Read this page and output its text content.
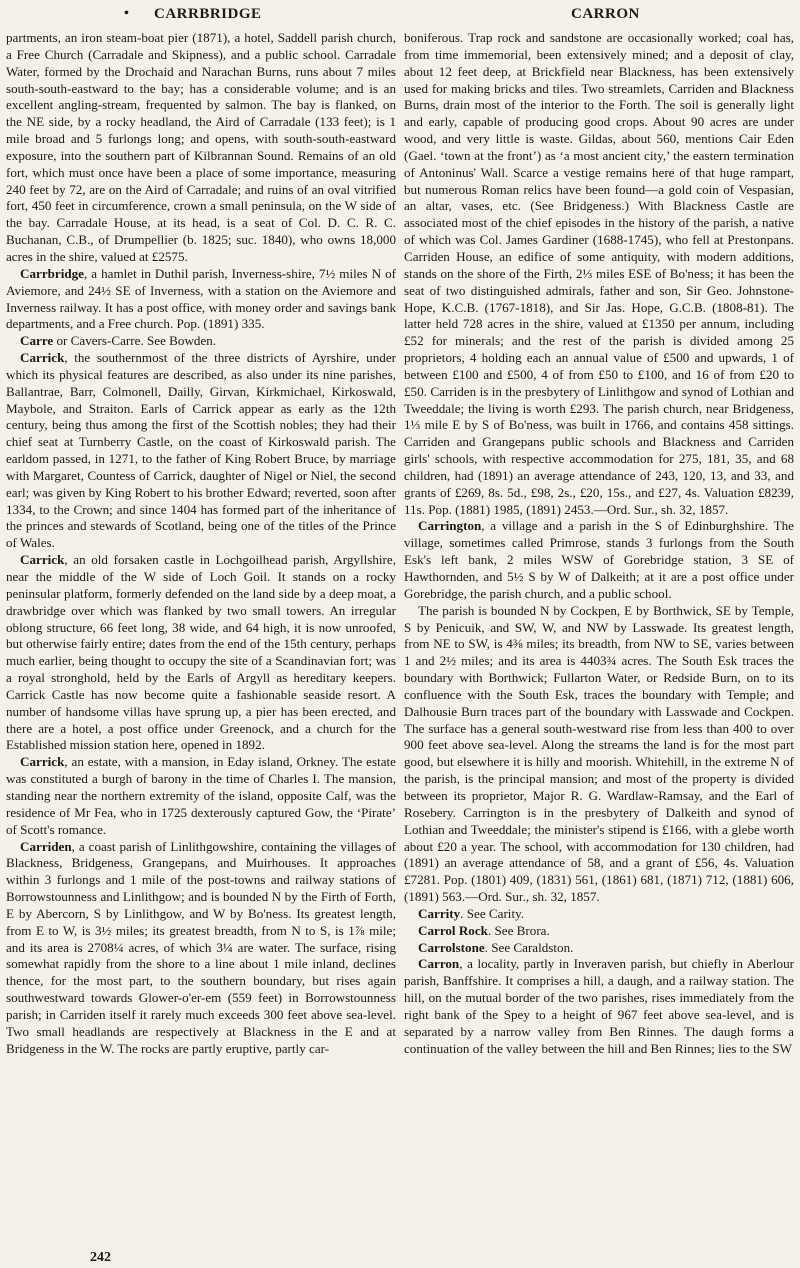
• CARRBRIDGE	CARRON

partments, an iron steam-boat pier (1871), a hotel, Saddell parish church, a Free Church (Carradale and Skipness), and a public school. Carradale Water, formed by the Drochaid and Narachan Burns, runs about 7 miles south-south-eastward to the bay; has a considerable volume; and is an excellent angling-stream, frequented by salmon. The bay is flanked, on the NE side, by a rocky headland, the Aird of Carradale (133 feet); is 1 mile broad and 5 furlongs long; and opens, with south-south-eastward exposure, into the southern part of Kilbrannan Sound. Remains of an old fort, which must once have been a place of some importance, measuring 240 feet by 72, are on the Aird of Carradale; and ruins of an oval vitrified fort, 450 feet in circumference, crown a small peninsula, on the W side of the bay. Carradale House, at its head, is a seat of Col. D. C. R. C. Buchanan, C.B., of Drumpellier (b. 1825; suc. 1840), who owns 18,000 acres in the shire, valued at £2575.

Carrbridge, a hamlet in Duthil parish, Inverness-shire, 7½ miles N of Aviemore, and 24½ SE of Inverness, with a station on the Aviemore and Inverness railway. It has a post office, with money order and savings bank departments, and a Free church. Pop. (1891) 335.

Carre or Cavers-Carre. See Bowden.

Carrick, the southernmost of the three districts of Ayrshire, under which its physical features are described, as also under its nine parishes, Ballantrae, Barr, Colmonell, Dailly, Girvan, Kirkmichael, Kirkoswald, Maybole, and Straiton. Earls of Carrick appear as early as the 12th century, being thus among the first of the Scottish nobles; they had their chief seat at Turnberry Castle, on the coast of Kirkoswald parish. The earldom passed, in 1271, to the father of King Robert Bruce, by marriage with Margaret, Countess of Carrick, daughter of Nigel or Niel, the second earl; was given by King Robert to his brother Edward; reverted, soon after 1334, to the Crown; and since 1404 has formed part of the inheritance of the princes and stewards of Scotland, being one of the titles of the Prince of Wales.

Carrick, an old forsaken castle in Lochgoilhead parish, Argyllshire, near the middle of the W side of Loch Goil. It stands on a rocky peninsular platform, formerly defended on the land side by a deep moat, a drawbridge over which was flanked by two small towers. An irregular oblong structure, 66 feet long, 38 wide, and 64 high, it is now unroofed, but otherwise fairly entire; dates from the end of the 15th century, perhaps much earlier, being thought to occupy the site of a Scandinavian fort; was a royal stronghold, held by the Earls of Argyll as hereditary keepers. Carrick Castle has now become quite a fashionable seaside resort. A number of handsome villas have sprung up, a pier has been erected, and there are a hotel, a post office under Greenock, and a church for the Established mission station here, opened in 1892.

Carrick, an estate, with a mansion, in Eday island, Orkney. The estate was constituted a burgh of barony in the time of Charles I. The mansion, standing near the northern extremity of the island, opposite Calf, was the residence of Mr Fea, who in 1725 dexterously captured Gow, the ‘Pirate’ of Scott's romance.

Carriden, a coast parish of Linlithgowshire, containing the villages of Blackness, Bridgeness, Grangepans, and Muirhouses. It approaches within 3 furlongs and 1 mile of the post-towns and railway stations of Borrowstounness and Linlithgow; and is bounded N by the Firth of Forth, E by Abercorn, S by Linlithgow, and W by Bo'ness. Its greatest length, from E to W, is 3½ miles; its greatest breadth, from N to S, is 1⅞ mile; and its area is 2708¼ acres, of which 3¼ are water. The surface, rising somewhat rapidly from the shore to a line about 1 mile inland, declines thence, for the most part, to the southern boundary, but rises again southwestward towards Glower-o'er-em (559 feet) in Borrowstounness parish; in Carriden itself it rarely much exceeds 300 feet above sea-level. Two small headlands are respectively at Blackness in the E and at Bridgeness in the W. The rocks are partly eruptive, partly car-

boniferous. Trap rock and sandstone are occasionally worked; coal has, from time immemorial, been extensively mined; and a deposit of clay, about 12 feet deep, at Brickfield near Blackness, has been extensively used for making bricks and tiles. Two streamlets, Carriden and Blackness Burns, drain most of the interior to the Forth. The soil is generally light and early, capable of producing good crops. About 90 acres are under wood, and very little is waste. Gildas, about 560, mentions Cair Eden (Gael. ‘town at the front’) as ‘a most ancient city,’ the eastern termination of Antoninus' Wall. Scarce a vestige remains here of that huge rampart, but numerous Roman relics have been found—a gold coin of Vespasian, an altar, vases, etc. (See Bridgeness.) With Blackness Castle are associated most of the chief episodes in the history of the parish, a native of which was Col. James Gardiner (1688-1745), who fell at Prestonpans. Carriden House, an edifice of some antiquity, with modern additions, stands on the shore of the Firth, 2⅓ miles ESE of Bo'ness; it has been the seat of two distinguished admirals, father and son, Sir Geo. Johnstone-Hope, K.C.B. (1767-1818), and Sir Jas. Hope, G.C.B. (1808-81). The latter held 728 acres in the shire, valued at £1350 per annum, including £52 for minerals; and the rest of the parish is divided among 25 proprietors, 4 holding each an annual value of £500 and upwards, 1 of between £100 and £500, 4 of from £50 to £100, and 16 of from £20 to £50. Carriden is in the presbytery of Linlithgow and synod of Lothian and Tweeddale; the living is worth £293. The parish church, near Bridgeness, 1⅓ mile E by S of Bo'ness, was built in 1766, and contains 458 sittings. Carriden and Grangepans public schools and Blackness and Carriden girls' schools, with respective accommodation for 275, 181, 35, and 68 children, had (1891) an average attendance of 243, 120, 13, and 33, and grants of £269, 8s. 5d., £98, 2s., £20, 15s., and £27, 4s. Valuation £8239, 11s. Pop. (1881) 1985, (1891) 2453.—Ord. Sur., sh. 32, 1857.

Carrington, a village and a parish in the S of Edinburghshire. The village, sometimes called Primrose, stands 3 furlongs from the South Esk's left bank, 2 miles WSW of Gorebridge station, 3 SE of Hawthornden, and 5½ S by W of Dalkeith; at it are a post office under Gorebridge, the parish church, and a public school.

The parish is bounded N by Cockpen, E by Borthwick, SE by Temple, S by Penicuik, and SW, W, and NW by Lasswade. Its greatest length, from NE to SW, is 4⅜ miles; its breadth, from NW to SE, varies between 1 and 2½ miles; and its area is 4403¾ acres. The South Esk traces the boundary with Borthwick; Fullarton Water, or Redside Burn, on to its confluence with the South Esk, traces the boundary with Temple; and Dalhousie Burn traces part of the boundary with Lasswade and Cockpen. The surface has a general south-westward rise from less than 400 to over 900 feet above sea-level. Along the streams the land is for the most part good, but elsewhere it is hilly and moorish. Whitehill, in the extreme N of the parish, is the principal mansion; and most of the property is divided between its proprietor, Major R. G. Wardlaw-Ramsay, and the Earl of Rosebery. Carrington is in the presbytery of Dalkeith and synod of Lothian and Tweeddale; the minister's stipend is £166, with a glebe worth about £20 a year. The school, with accommodation for 130 children, had (1891) an average attendance of 58, and a grant of £56, 4s. Valuation £7281. Pop. (1801) 409, (1831) 561, (1861) 681, (1871) 712, (1881) 606, (1891) 563.—Ord. Sur., sh. 32, 1857.

Carrity. See Carity.

Carrol Rock. See Brora.

Carrolstone. See Caraldston.

Carron, a locality, partly in Inveraven parish, but chiefly in Aberlour parish, Banffshire. It comprises a hill, a daugh, and a railway station. The hill, on the mutual border of the two parishes, rises immediately from the right bank of the Spey to a height of 967 feet above sea-level, and is separated by a narrow valley from Ben Rinnes. The daugh forms a continuation of the valley between the hill and Ben Rinnes; lies to the SW

242
